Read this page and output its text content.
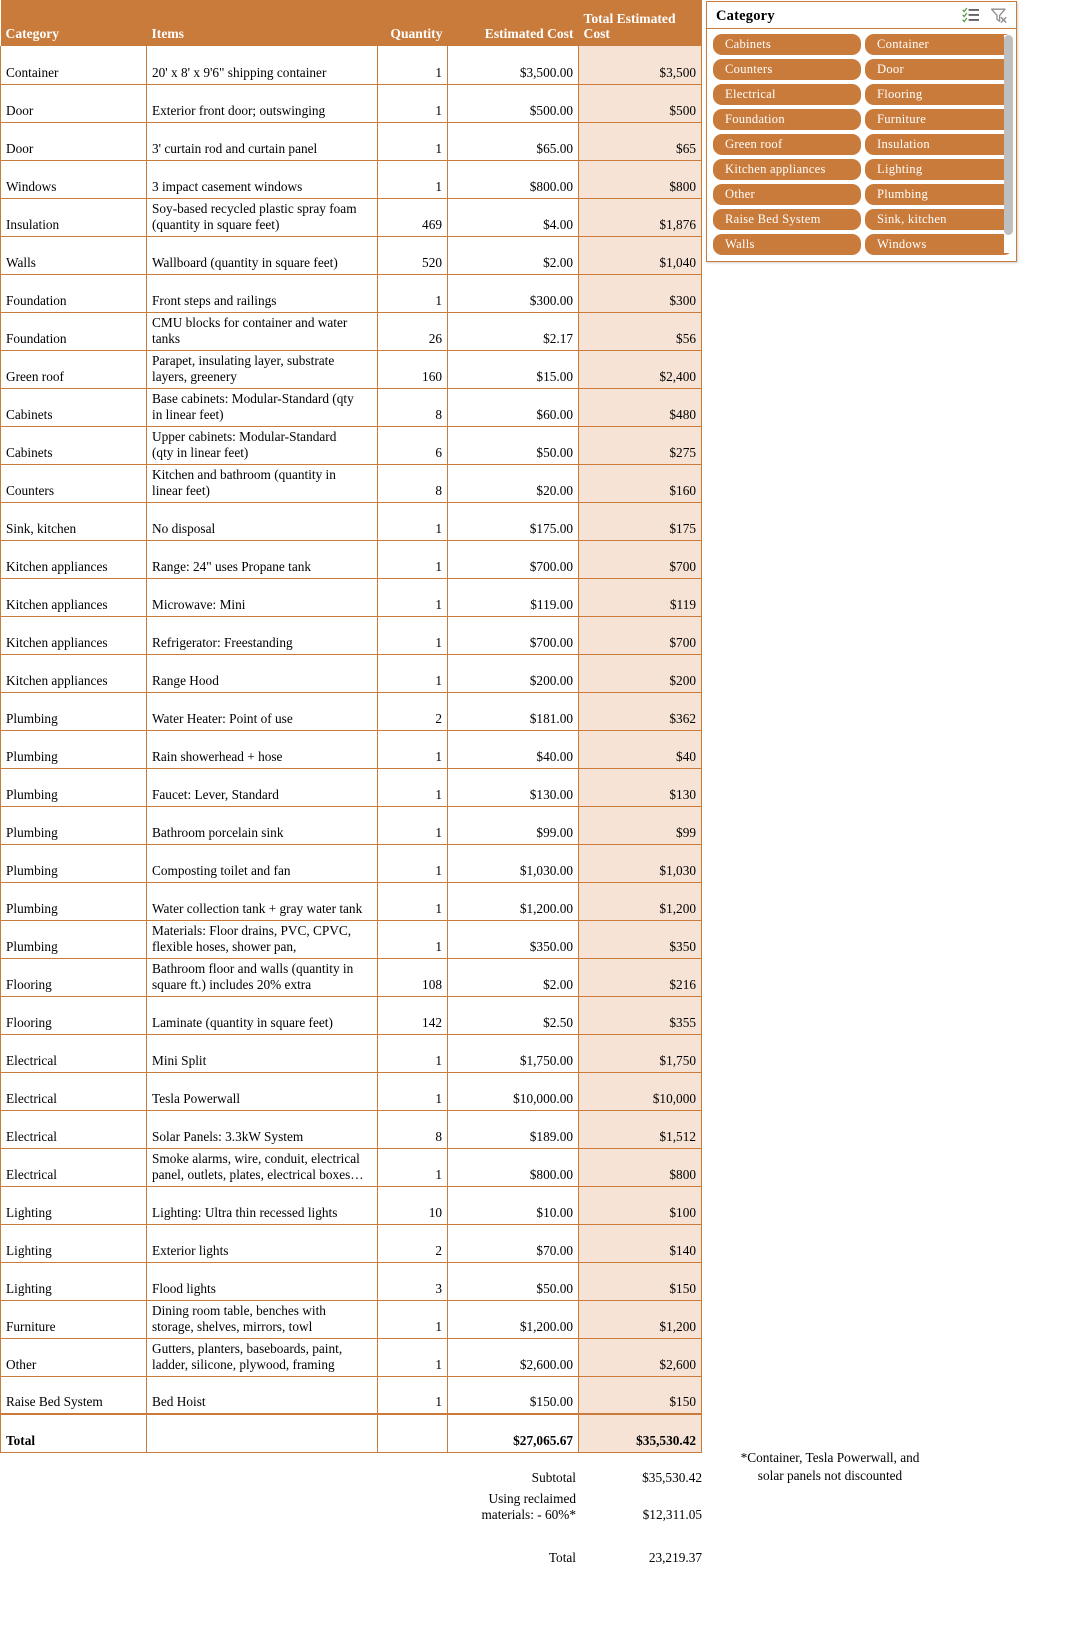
Category	Items	Quantity	Estimated Cost	Total Estimated
Cost
Container	20' x 8' x 9'6" shipping container	1	$3,500.00	$3,500
Door	Exterior front door; outswinging	1	$500.00	$500
Door	3' curtain rod and curtain panel	1	$65.00	$65
Windows	3 impact casement windows	1	$800.00	$800
Insulation	Soy-based recycled plastic spray foam
(quantity in square feet)	469	$4.00	$1,876
Walls	Wallboard (quantity in square feet)	520	$2.00	$1,040
Foundation	Front steps and railings	1	$300.00	$300
Foundation	CMU blocks for container and water
tanks	26	$2.17	$56
Green roof	Parapet, insulating layer, substrate
layers, greenery	160	$15.00	$2,400
Cabinets	Base cabinets: Modular-Standard (qty
in linear feet)	8	$60.00	$480
Cabinets	Upper cabinets: Modular-Standard
(qty in linear feet)	6	$50.00	$275
Counters	Kitchen and bathroom (quantity in
linear feet)	8	$20.00	$160
Sink, kitchen	No disposal	1	$175.00	$175
Kitchen appliances	Range: 24" uses Propane tank	1	$700.00	$700
Kitchen appliances	Microwave: Mini	1	$119.00	$119
Kitchen appliances	Refrigerator: Freestanding	1	$700.00	$700
Kitchen appliances	Range Hood	1	$200.00	$200
Plumbing	Water Heater: Point of use	2	$181.00	$362
Plumbing	Rain showerhead + hose	1	$40.00	$40
Plumbing	Faucet: Lever, Standard	1	$130.00	$130
Plumbing	Bathroom porcelain sink	1	$99.00	$99
Plumbing	Composting toilet and fan	1	$1,030.00	$1,030
Plumbing	Water collection tank + gray water tank	1	$1,200.00	$1,200
Plumbing	Materials: Floor drains, PVC, CPVC,
flexible hoses, shower pan,	1	$350.00	$350
Flooring	Bathroom floor and walls (quantity in
square ft.) includes 20% extra	108	$2.00	$216
Flooring	Laminate (quantity in square feet)	142	$2.50	$355
Electrical	Mini Split	1	$1,750.00	$1,750
Electrical	Tesla Powerwall	1	$10,000.00	$10,000
Electrical	Solar Panels: 3.3kW System	8	$189.00	$1,512
Electrical	Smoke alarms, wire, conduit, electrical
panel, outlets, plates, electrical boxes…	1	$800.00	$800
Lighting	Lighting: Ultra thin recessed lights	10	$10.00	$100
Lighting	Exterior lights	2	$70.00	$140
Lighting	Flood lights	3	$50.00	$150
Furniture	Dining room table, benches with
storage, shelves, mirrors, towl	1	$1,200.00	$1,200
Other	Gutters, planters, baseboards, paint,
ladder, silicone, plywood, framing	1	$2,600.00	$2,600
Raise Bed System	Bed Hoist	1	$150.00	$150
Total			$27,065.67	$35,530.42
Subtotal	$35,530.42
Using reclaimed
materials: - 60%*	$12,311.05

Total	23,219.37
*Container, Tesla Powerwall, and
solar panels not discounted
Category
Cabinets	Container
Counters	Door
Electrical	Flooring
Foundation	Furniture
Green roof	Insulation
Kitchen appliances	Lighting
Other	Plumbing
Raise Bed System	Sink, kitchen
Walls	Windows
